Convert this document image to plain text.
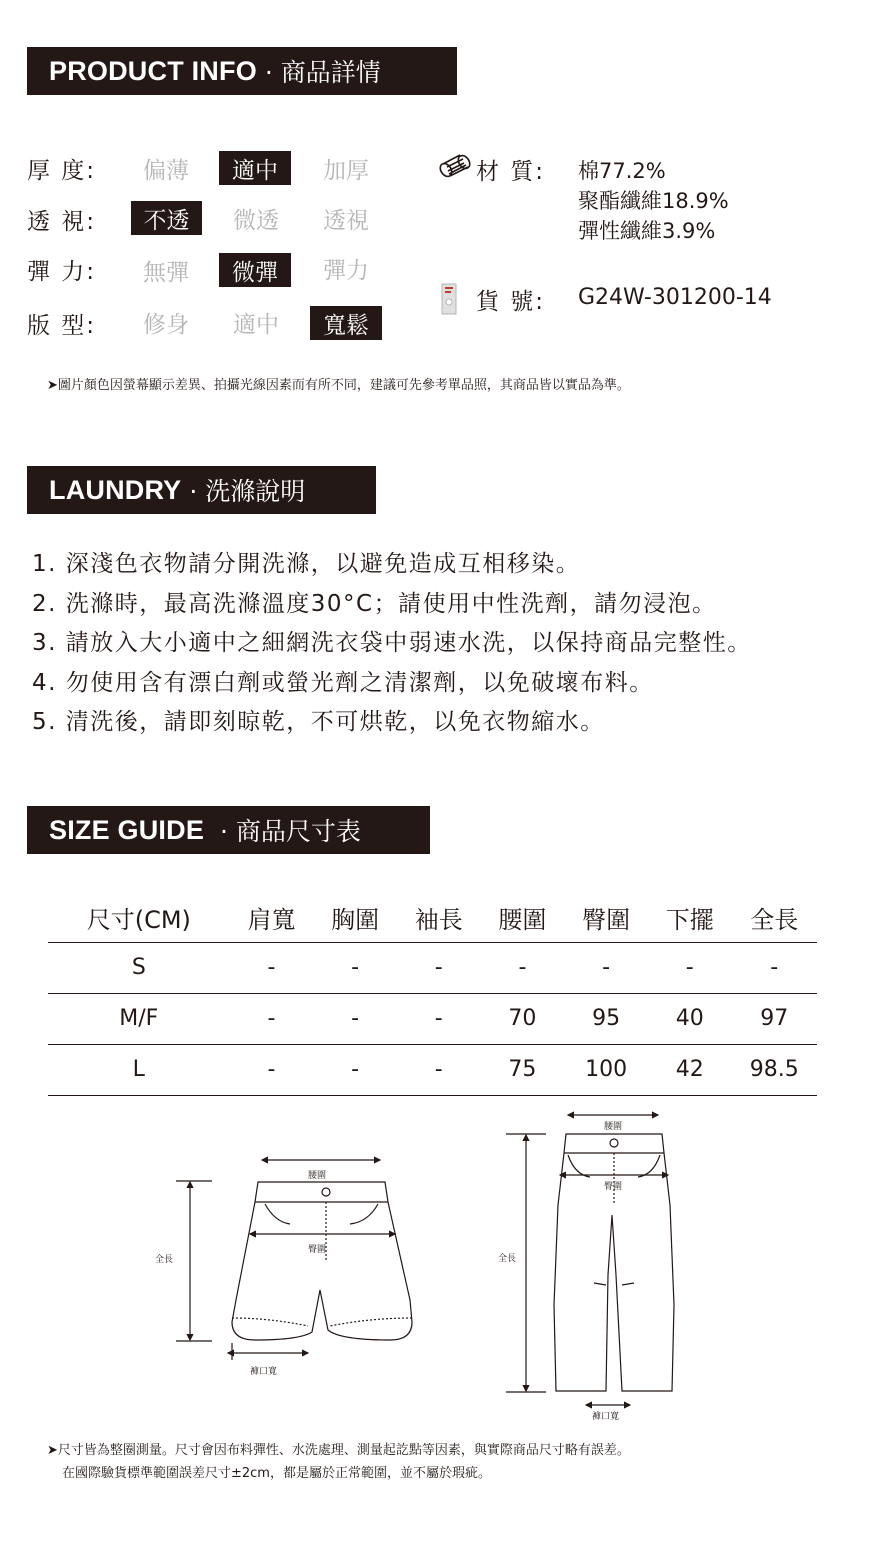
PRODUCT INFO · 商品詳情
厚 度:	偏薄	適中	加厚
透 視:	不透	微透 透視
彈 力:	無彈	微彈	彈力
版 型:	修身 適中	寬鬆
材 質: 棉77.2%
聚酯纖維18.9%
彈性纖維3.9%
貨 號: G24W-301200-14
➤圖片顏色因螢幕顯示差異、拍攝光線因素而有所不同，建議可先參考單品照，其商品皆以實品為準。
LAUNDRY · 洗滌說明
1. 深淺色衣物請分開洗滌，以避免造成互相移染。
2. 洗滌時，最高洗滌溫度30°C；請使用中性洗劑，請勿浸泡。
3. 請放入大小適中之細網洗衣袋中弱速水洗，以保持商品完整性。
4. 勿使用含有漂白劑或螢光劑之清潔劑，以免破壞布料。
5. 清洗後，請即刻晾乾，不可烘乾，以免衣物縮水。
SIZE GUIDE · 商品尺寸表
尺寸(CM)	肩寬	胸圍	袖長	腰圍	臀圍	下擺	全長
S	-	-	-	-	-	-	-
M/F	-	-	-	70	95	40	97
L	-	-	-	75	100	42	98.5
腰圍
臀圍
全長
褲口寬
腰圍
臀圍
全長
褲口寬
➤尺寸皆為整圈測量。尺寸會因布料彈性、水洗處理、測量起訖點等因素，與實際商品尺寸略有誤差。
在國際驗貨標準範圍誤差尺寸±2cm，都是屬於正常範圍，並不屬於瑕疵。
